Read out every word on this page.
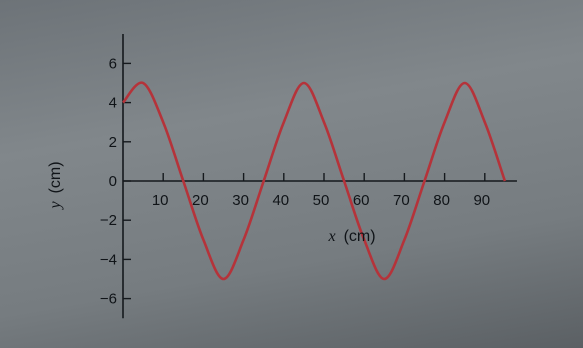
10 20 30 40 50 60 70 80 90
−6
−4
−2
0
2
4
6
x (cm)
y (cm)
